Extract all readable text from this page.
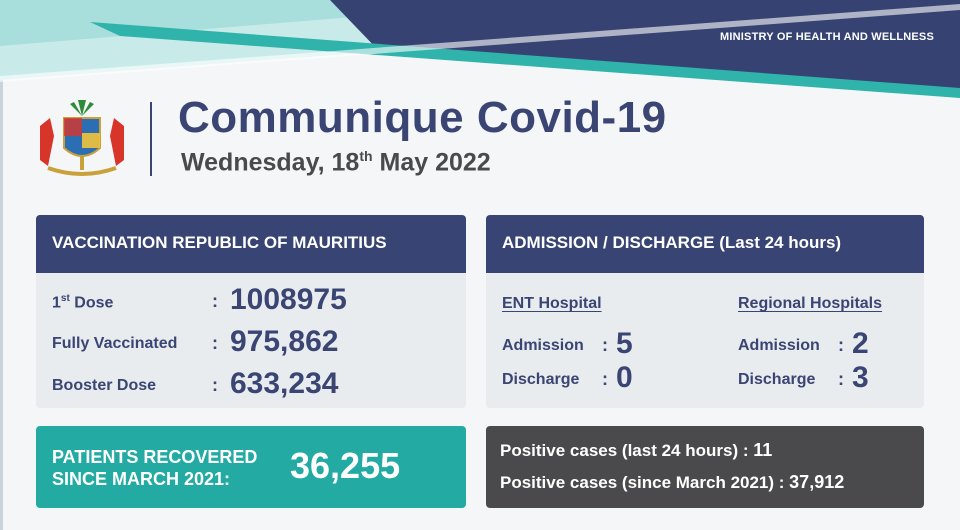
MINISTRY OF HEALTH AND WELLNESS
Communique Covid-19
Wednesday, 18th May 2022
VACCINATION REPUBLIC OF MAURITIUS
1st Dose	: 1008975
Fully Vaccinated : 975,862
Booster Dose	: 633,234
ADMISSION / DISCHARGE (Last 24 hours)
ENT Hospital
Admission : 5
Discharge : 0
Regional Hospitals
Admission : 2
Discharge : 3
PATIENTS RECOVERED
SINCE MARCH 2021:	36,255	Positive cases (last 24 hours) : 11
Positive cases (since March 2021) : 37,912
